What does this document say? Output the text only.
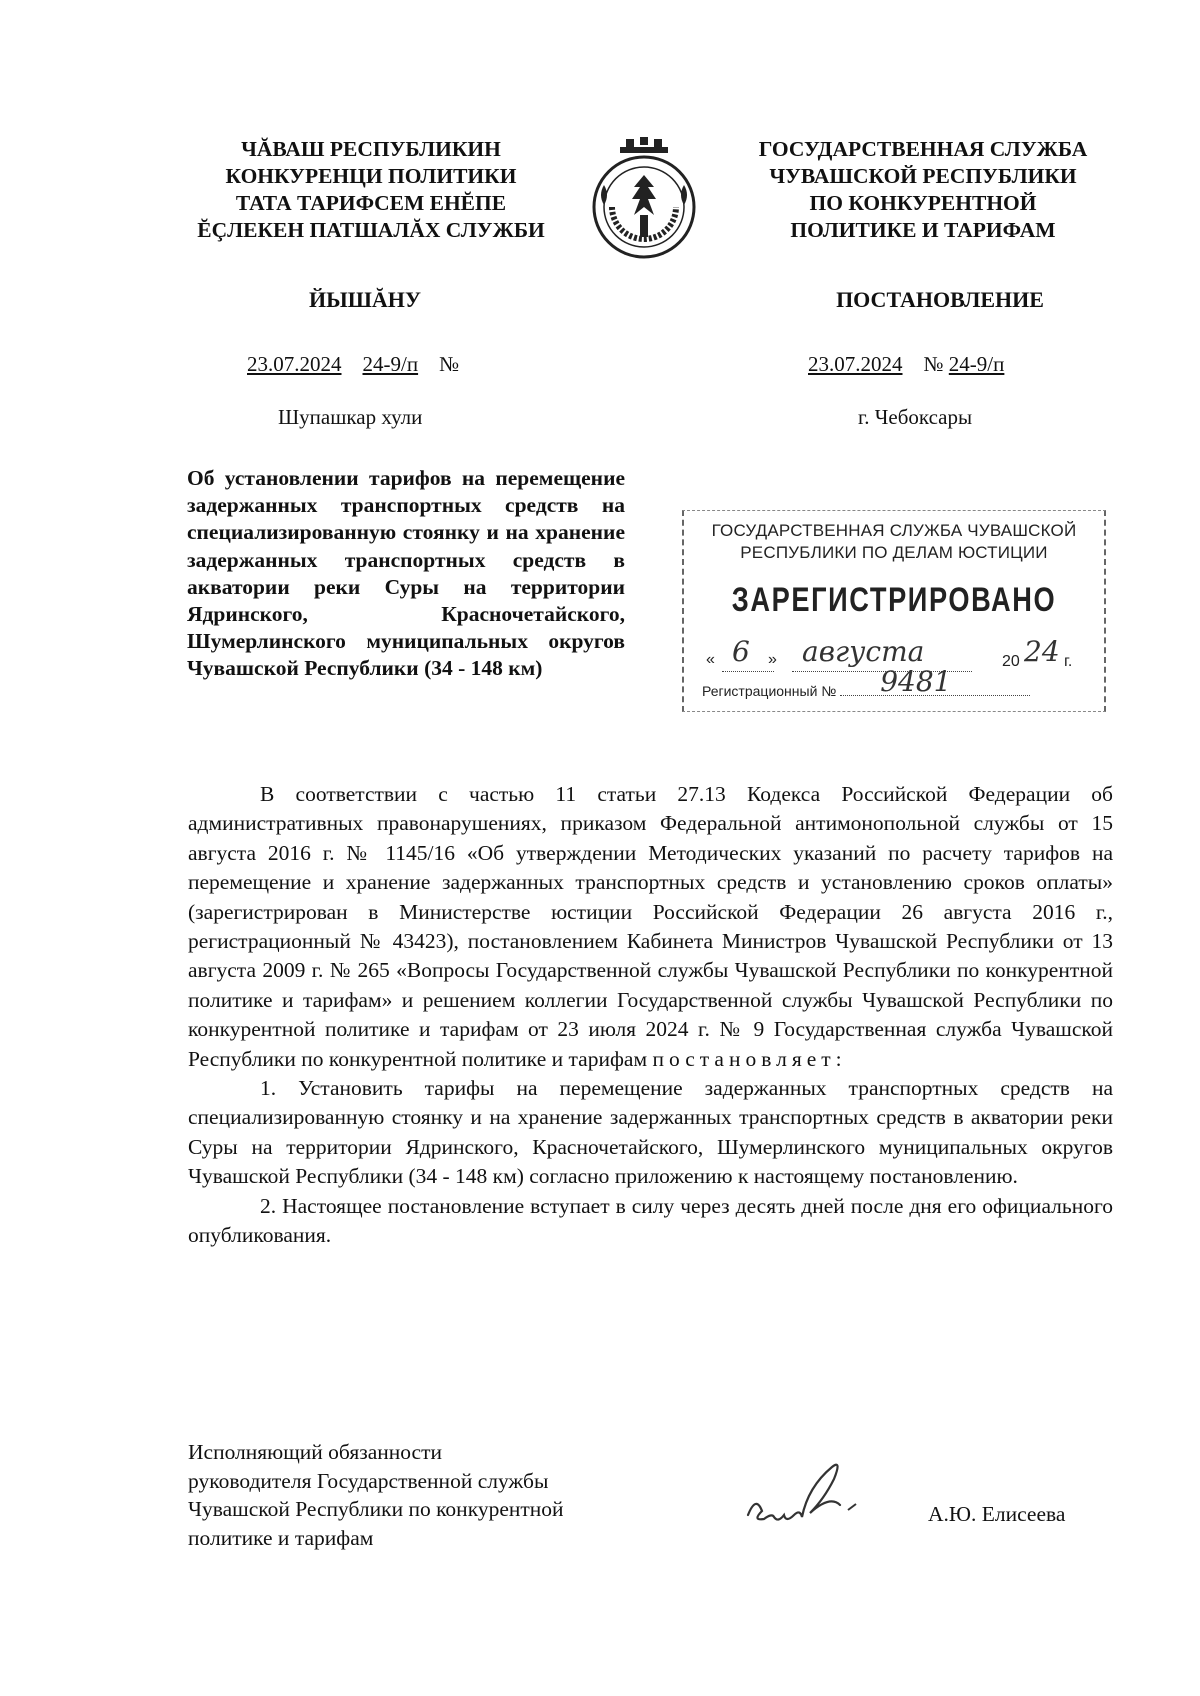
ЧĂВАШ РЕСПУБЛИКИН
КОНКУРЕНЦИ ПОЛИТИКИ
ТАТА ТАРИФСЕМ ЕНĔПЕ
ĔÇЛЕКЕН ПАТШАЛĂХ СЛУЖБИ
ГОСУДАРСТВЕННАЯ СЛУЖБА
ЧУВАШСКОЙ РЕСПУБЛИКИ
ПО КОНКУРЕНТНОЙ
ПОЛИТИКЕ И ТАРИФАМ
ЙЫШĂНУ	ПОСТАНОВЛЕНИЕ
23.07.2024 24-9/п №	23.07.2024 № 24-9/п
Шупашкар хули	г. Чебоксары
Об установлении тарифов на перемещение задержанных транспортных средств на специализированную стоянку и на хранение задержанных транспортных средств в акватории реки Суры на территории Ядринского, Красночетайского, Шумерлинского муниципальных округов Чувашской Республики (34 - 148 км)
ГОСУДАРСТВЕННАЯ СЛУЖБА ЧУВАШСКОЙ
РЕСПУБЛИКИ ПО ДЕЛАМ ЮСТИЦИИ
ЗАРЕГИСТРИРОВАНО
« 6 » августа	20 24 г.
Регистрационный № 9481

В соответствии с частью 11 статьи 27.13 Кодекса Российской Федерации об административных правонарушениях, приказом Федеральной антимонопольной службы от 15 августа 2016 г. № 1145/16 «Об утверждении Методических указаний по расчету тарифов на перемещение и хранение задержанных транспортных средств и установлению сроков оплаты» (зарегистрирован в Министерстве юстиции Российской Федерации 26 августа 2016 г., регистрационный № 43423), постановлением Кабинета Министров Чувашской Республики от 13 августа 2009 г. № 265 «Вопросы Государственной службы Чувашской Республики по конкурентной политике и тарифам» и решением коллегии Государственной службы Чувашской Республики по конкурентной политике и тарифам от 23 июля 2024 г. № 9 Государственная служба Чувашской Республики по конкурентной политике и тарифам постановляет:

1. Установить тарифы на перемещение задержанных транспортных средств на специализированную стоянку и на хранение задержанных транспортных средств в акватории реки Суры на территории Ядринского, Красночетайского, Шумерлинского муниципальных округов Чувашской Республики (34 - 148 км) согласно приложению к настоящему постановлению.

2. Настоящее постановление вступает в силу через десять дней после дня его официального опубликования.

Исполняющий обязанности
руководителя Государственной службы
Чувашской Республики по конкурентной
политике и тарифам
А.Ю. Елисеева
